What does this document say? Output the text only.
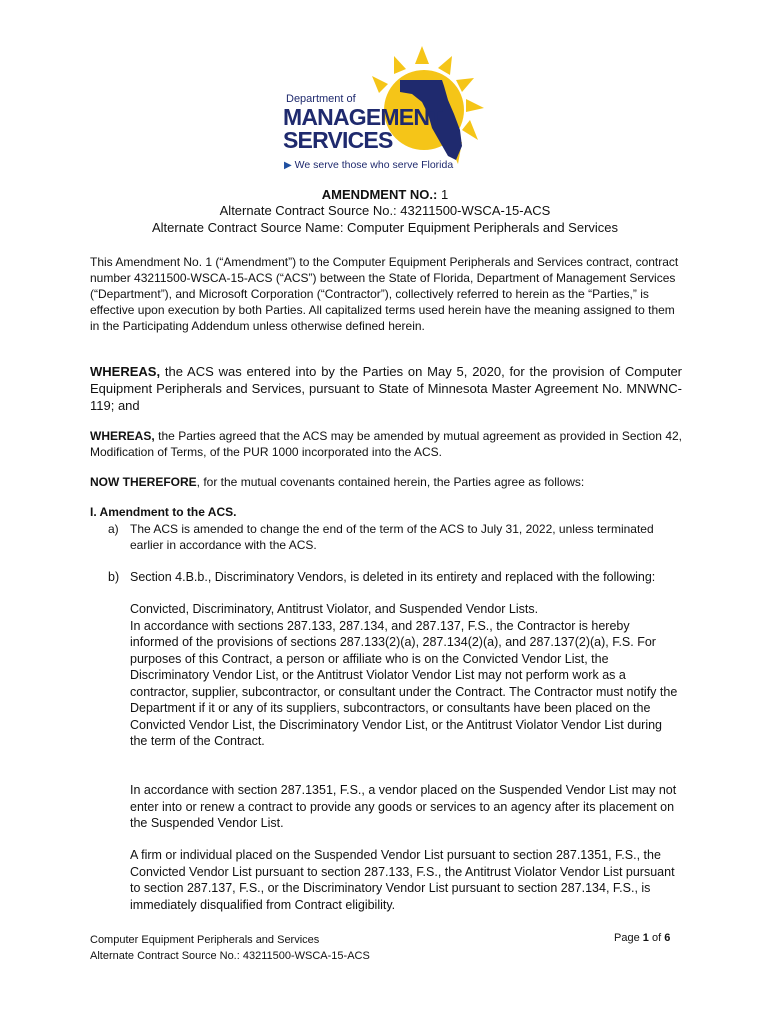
Department of
MANAGEMENT
SERVICES
▶ We serve those who serve Florida
AMENDMENT NO.: 1
Alternate Contract Source No.: 43211500-WSCA-15-ACS
Alternate Contract Source Name: Computer Equipment Peripherals and Services
This Amendment No. 1 (“Amendment”) to the Computer Equipment Peripherals and Services contract, contract number 43211500-WSCA-15-ACS (“ACS”) between the State of Florida, Department of Management Services (“Department”), and Microsoft Corporation (“Contractor”), collectively referred to herein as the “Parties,” is effective upon execution by both Parties. All capitalized terms used herein have the meaning assigned to them in the Participating Addendum unless otherwise defined herein.
WHEREAS, the ACS was entered into by the Parties on May 5, 2020, for the provision of Computer Equipment Peripherals and Services, pursuant to State of Minnesota Master Agreement No. MNWNC-119; and
WHEREAS, the Parties agreed that the ACS may be amended by mutual agreement as provided in Section 42, Modification of Terms, of the PUR 1000 incorporated into the ACS.
NOW THEREFORE, for the mutual covenants contained herein, the Parties agree as follows:
I. Amendment to the ACS.
a) The ACS is amended to change the end of the term of the ACS to July 31, 2022, unless terminated earlier in accordance with the ACS.
b) Section 4.B.b., Discriminatory Vendors, is deleted in its entirety and replaced with the following:
Convicted, Discriminatory, Antitrust Violator, and Suspended Vendor Lists.
In accordance with sections 287.133, 287.134, and 287.137, F.S., the Contractor is hereby informed of the provisions of sections 287.133(2)(a), 287.134(2)(a), and 287.137(2)(a), F.S. For purposes of this Contract, a person or affiliate who is on the Convicted Vendor List, the Discriminatory Vendor List, or the Antitrust Violator Vendor List may not perform work as a contractor, supplier, subcontractor, or consultant under the Contract. The Contractor must notify the Department if it or any of its suppliers, subcontractors, or consultants have been placed on the Convicted Vendor List, the Discriminatory Vendor List, or the Antitrust Violator Vendor List during the term of the Contract.
In accordance with section 287.1351, F.S., a vendor placed on the Suspended Vendor List may not enter into or renew a contract to provide any goods or services to an agency after its placement on the Suspended Vendor List.
A firm or individual placed on the Suspended Vendor List pursuant to section 287.1351, F.S., the Convicted Vendor List pursuant to section 287.133, F.S., the Antitrust Violator Vendor List pursuant to section 287.137, F.S., or the Discriminatory Vendor List pursuant to section 287.134, F.S., is immediately disqualified from Contract eligibility.
Computer Equipment Peripherals and Services
Alternate Contract Source No.: 43211500-WSCA-15-ACS
Page 1 of 6
